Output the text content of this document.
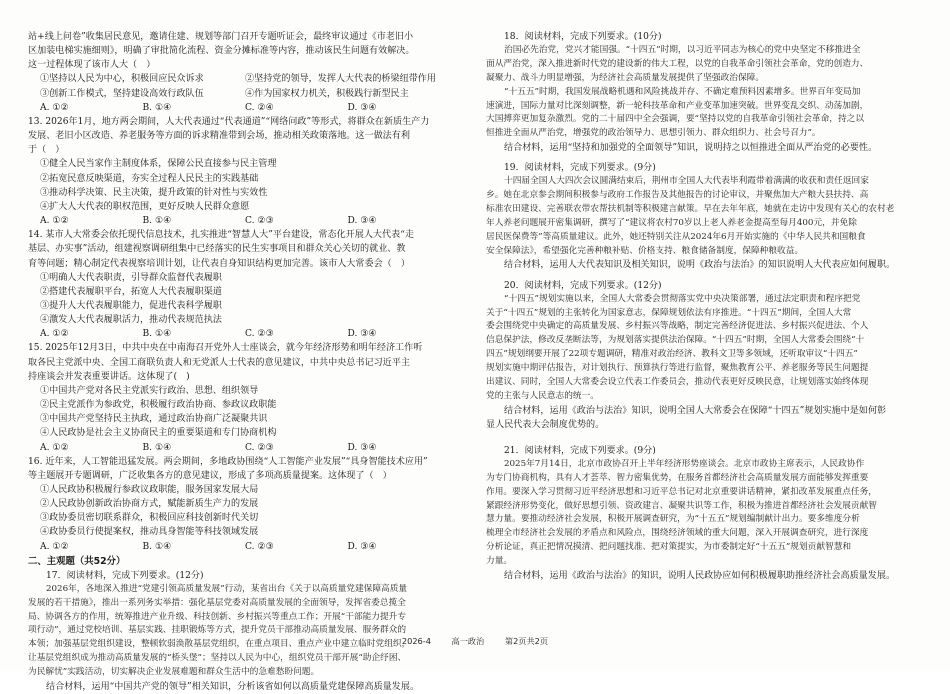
站+线上问卷”收集居民意见，邀请住建、规划等部门召开专题听证会，最终审议通过《市老旧小
区加装电梯实施细则》，明确了审批简化流程、资金分摊标准等内容，推动该民生问题有效解决。
这一过程体现了该市人大（　）
①坚持以人民为中心，积极回应民众诉求	②坚持党的领导，发挥人大代表的桥梁纽带作用
③创新工作模式，坚持建设高效行政队伍	④作为国家权力机关，积极践行新型民主
A. ①②	B. ①④	C. ②④	D. ③④
13. 2026年1月，地方两会期间，人大代表通过“代表通道”“网络问政”等形式，将群众在新质生产力
发展、老旧小区改造、养老服务等方面的诉求精准带到会场，推动相关政策落地。这一做法有利
于（　）
①健全人民当家作主制度体系，保障公民直接参与民主管理
②拓宽民意反映渠道，夯实全过程人民民主的实践基础
③推动科学决策、民主决策，提升政策的针对性与实效性
④扩大人大代表的职权范围，更好反映人民群众意愿
A. ①②	B. ①④	C. ②③	D. ③④
14. 某市人大常委会依托现代信息技术，扎实推进“智慧人大”平台建设，常态化开展人大代表“走
基层、办实事”活动，组建视察调研组集中已经落实的民生实事项目和群众关心关切的就业、教
育等问题；精心制定代表视察培训计划，让代表自身知识结构更加完善。该市人大常委会（　）
①明确人大代表职责，引导群众监督代表履职
②搭建代表履职平台，拓宽人大代表履职渠道
③提升人大代表履职能力，促进代表科学履职
④激发人大代表履职活力，推动代表规范执法
A. ①②	B. ①④	C. ②③	D. ③④
15. 2025年12月3日，中共中央在中南海召开党外人士座谈会，就今年经济形势和明年经济工作听
取各民主党派中央、全国工商联负责人和无党派人士代表的意见建议，中共中央总书记习近平主
持座谈会并发表重要讲话。这体现了(　)
①中国共产党对各民主党派实行政治、思想、组织领导
②民主党派作为参政党，积极履行政治协商、参政议政职能
③中国共产党坚持民主执政，通过政治协商广泛凝聚共识
④人民政协是社会主义协商民主的重要渠道和专门协商机构
A. ①②	B. ①④	C. ②③	D. ③④
16. 近年来，人工智能迅猛发展。两会期间，多地政协围绕“人工智能产业发展”“具身智能技术应用”
等主题展开专题调研，广泛收集各方的意见建议，形成了多项高质量提案。这体现了（　）
①人民政协积极履行参政议政职能，服务国家发展大局
②人民政协创新政治协商方式，赋能新质生产力的发展
③政协委员密切联系群众，积极回应科技创新时代关切
④政协委员行使提案权，推动具身智能等科技领域发展
A. ①②	B. ①④	C. ②③	D. ③④
二、主观题（共52分）
17．阅读材料，完成下列要求。(12分)
2026年，各地深入推进“党建引领高质量发展”行动，某省出台《关于以高质量党建保障高质量
发展的若干措施》，推出一系列务实举措：强化基层党委对高质量发展的全面领导，发挥省委总揽全
局、协调各方的作用，统筹推进产业升级、科技创新、乡村振兴等重点工作；开展“干部能力提升专
项行动”，通过党校培训、基层实践、挂职锻炼等方式，提升党员干部推动高质量发展、服务群众的
本领；加强基层党组织建设，整顿软弱涣散基层党组织，在重点项目、重点产业中建立临时党组织，
让基层党组织成为推动高质量发展的“桥头堡”；坚持以人民为中心，组织党员干部开展“助企纾困、
为民解忧”实践活动，切实解决企业发展难题和群众生活中的急难愁盼问题。
结合材料，运用“中国共产党的领导”相关知识，分析该省如何以高质量党建保障高质量发展。
18．阅读材料，完成下列要求。(10分)
治国必先治党，党兴才能国强。“十四五”时期，以习近平同志为核心的党中央坚定不移推进全
面从严治党，深入推进新时代党的建设新的伟大工程，以党的自我革命引领社会革命，党的创造力、
凝聚力、战斗力明显增强，为经济社会高质量发展提供了坚强政治保障。
“十五五”时期，我国发展战略机遇和风险挑战并存、不确定难预料因素增多。世界百年变局加
速演进，国际力量对比深刻调整，新一轮科技革命和产业变革加速突破。世界变乱交织、动荡加剧，
大国搏弈更加复杂激烈。党的二十届四中全会强调，要“坚持以党的自我革命引领社会革命，持之以
恒推进全面从严治党，增强党的政治领导力、思想引领力、群众组织力、社会号召力”。
结合材料，运用“坚持和加强党的全面领导”知识，说明持之以恒推进全面从严治党的必要性。
19．阅读材料，完成下列要求。(9分)
十四届全国人大四次会议圆满结束后，荆州市全国人大代表毕利霞带着满满的收获和责任返回家
乡。她在北京参会期间积极参与政府工作报告及其他报告的讨论审议，并聚焦加大产粮大县扶持、高
标准农田建设、完善联农带农帮扶机制等积极建言献策。早在去年年底，她就在走访中发现有关心的农村老
年人养老问题展开密集调研，撰写了“建议将农村70岁以上老人养老金提高至每月400元，并免除
居民医保费等”等高质量建议。此外，她还特别关注从2024年6月开始实施的《中华人民共和国粮食
安全保障法》，希望强化完善种粮补贴、价格支持、粮食储备制度，保障种粮收益。
结合材料，运用人大代表知识及相关知识，说明《政治与法治》的知识说明人大代表应如何履职。
20．阅读材料，完成下列要求。(12分)
“十四五”规划实施以来，全国人大常委会贯彻落实党中央决策部署，通过法定职责和程序把党
关于“十四五”规划的主张转化为国家意志，保障规划依法有序推进。“十四五”期间，全国人大常
委会围绕党中央确定的高质量发展、乡村振兴等战略，制定完善经济促进法、乡村振兴促进法、个人
信息保护法，修改反垄断法等，为规划落实提供法治保障。“十四五”时期，全国人大常委会围绕“十
四五”规划纲要开展了22项专题调研，精准对政治经济、教科文卫等多领域，还听取审议“十四五”
规划实施中期评估报告，对计划执行、预算执行等进行监督，聚焦教育公平、养老服务等民生问题提
出建议、同时，全国人大常委会设立代表工作委员会，推动代表更好反映民意，让规划落实始终体现
党的主张与人民意志的统一。
结合材料，运用《政治与法治》知识，说明全国人大常委会在保障“十四五”规划实施中是如何彰
显人民代表大会制度优势的。
21．阅读材料，完成下列要求。(9分)
2025年7月14日，北京市政协召开上半年经济形势座谈会。北京市政协主席表示，人民政协作
为专门协商机构，具有人才荟萃、智力密集优势，在服务首都经济社会高质量发展方面能够发挥重要
作用。要深入学习贯彻习近平经济思想和习近平总书记对北京重要讲话精神，紧扣改革发展重点任务，
紧跟经济形势变化，做好思想引领、资政建言、凝聚共识等工作，积极为推进首都经济社会发展贡献智
慧力量。要推动经济社会发展，积极开展调查研究，为“十五五”规划编制献计出力。要多维度分析
梳理全市经济社会发展的矛盾点和风险点，围绕经济领域的重大问题，深入开展调查研究，进行深度
分析论证，真正把情况摸清、把问题找准、把对策提实，为市委制定好“十五五”规划贡献智慧和
力量。
结合材料，运用《政治与法治》的知识，说明人民政协应如何积极履职助推经济社会高质量发展。
2026-4	高一政治	第2页共2页
